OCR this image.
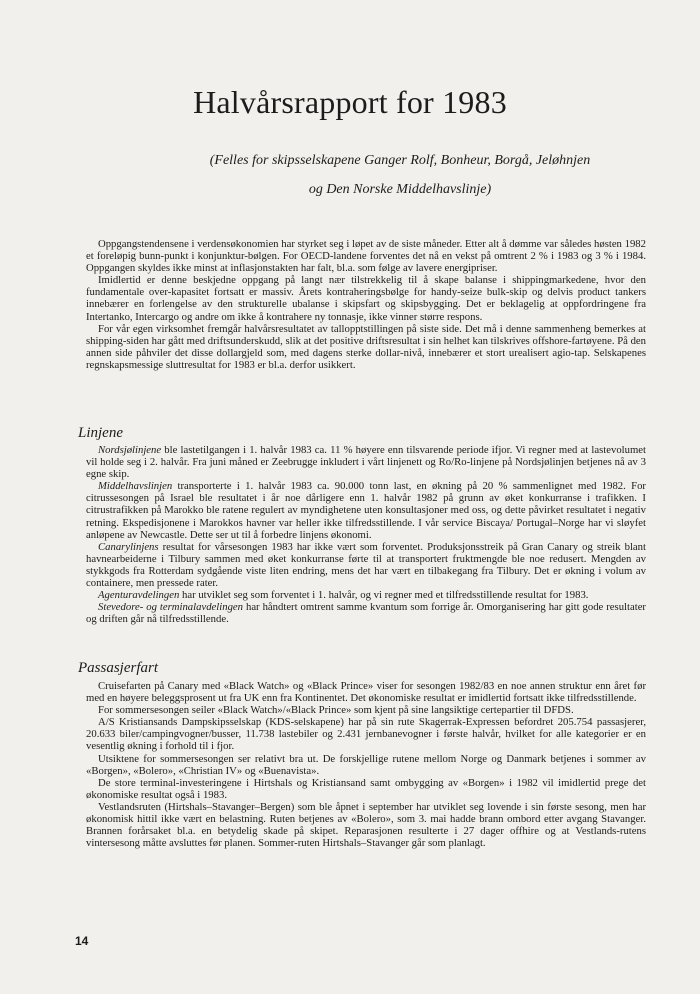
Halvårsrapport for 1983
(Felles for skipsselskapene Ganger Rolf, Bonheur, Borgå, Jeløhnjen
og Den Norske Middelhavslinje)

Oppgangstendensene i verdensøkonomien har styrket seg i løpet av de siste måneder. Etter alt å dømme var således høsten 1982 et foreløpig bunn-punkt i konjunktur-bølgen. For OECD-landene forventes det nå en vekst på omtrent 2 % i 1983 og 3 % i 1984. Oppgangen skyldes ikke minst at inflasjonstakten har falt, bl.a. som følge av lavere energipriser.

Imidlertid er denne beskjedne oppgang på langt nær tilstrekkelig til å skape balanse i shippingmarkedene, hvor den fundamentale over-kapasitet fortsatt er massiv. Årets kontraheringsbølge for handy-seize bulk-skip og delvis product tankers innebærer en forlengelse av den strukturelle ubalanse i skipsfart og skipsbygging. Det er beklagelig at oppfordringene fra Intertanko, Intercargo og andre om ikke å kontrahere ny tonnasje, ikke vinner større respons.

For vår egen virksomhet fremgår halvårsresultatet av tallopptstillingen på siste side. Det må i denne sammenheng bemerkes at shipping-siden har gått med driftsunderskudd, slik at det positive driftsresultat i sin helhet kan tilskrives offshore-fartøyene. På den annen side påhviler det disse dollargjeld som, med dagens sterke dollar-nivå, innebærer et stort urealisert agio-tap. Selskapenes regnskapsmessige sluttresultat for 1983 er bl.a. derfor usikkert.

Linjene

Nordsjølinjene ble lastetilgangen i 1. halvår 1983 ca. 11 % høyere enn tilsvarende periode ifjor. Vi regner med at lastevolumet vil holde seg i 2. halvår. Fra juni måned er Zeebrugge inkludert i vårt linjenett og Ro/Ro-linjene på Nordsjølinjen betjenes nå av 3 egne skip.

Middelhavslinjen transporterte i 1. halvår 1983 ca. 90.000 tonn last, en økning på 20 % sammenlignet med 1982. For citrussesongen på Israel ble resultatet i år noe dårligere enn 1. halvår 1982 på grunn av øket konkurranse i trafikken. I citrustrafikken på Marokko ble ratene regulert av myndighetene uten konsultasjoner med oss, og dette påvirket resultatet i negativ retning. Ekspedisjonene i Marokkos havner var heller ikke tilfredsstillende. I vår service Biscaya/ Portugal–Norge har vi sløyfet anløpene av Newcastle. Dette ser ut til å forbedre linjens økonomi.

Canarylinjens resultat for vårsesongen 1983 har ikke vært som forventet. Produksjonsstreik på Gran Canary og streik blant havnearbeiderne i Tilbury sammen med øket konkurranse førte til at transportert fruktmengde ble noe redusert. Mengden av stykkgods fra Rotterdam sydgående viste liten endring, mens det har vært en tilbakegang fra Tilbury. Det er økning i volum av containere, men pressede rater.

Agenturavdelingen har utviklet seg som forventet i 1. halvår, og vi regner med et tilfredsstillende resultat for 1983.

Stevedore- og terminalavdelingen har håndtert omtrent samme kvantum som forrige år. Omorganisering har gitt gode resultater og driften går nå tilfredsstillende.

Passasjerfart

Cruisefarten på Canary med «Black Watch» og «Black Prince» viser for sesongen 1982/83 en noe annen struktur enn året før med en høyere beleggsprosent ut fra UK enn fra Kontinentet. Det økonomiske resultat er imidlertid fortsatt ikke tilfredsstillende.

For sommersesongen seiler «Black Watch»/«Black Prince» som kjent på sine langsiktige certepartier til DFDS.

A/S Kristiansands Dampskipsselskap (KDS-selskapene) har på sin rute Skagerrak-Expressen befordret 205.754 passasjerer, 20.633 biler/campingvogner/busser, 11.738 lastebiler og 2.431 jernbanevogner i første halvår, hvilket for alle kategorier er en vesentlig økning i forhold til i fjor.

Utsiktene for sommersesongen ser relativt bra ut. De forskjellige rutene mellom Norge og Danmark betjenes i sommer av «Borgen», «Bolero», «Christian IV» og «Buenavista».

De store terminal-investeringene i Hirtshals og Kristiansand samt ombygging av «Borgen» i 1982 vil imidlertid prege det økonomiske resultat også i 1983.

Vestlandsruten (Hirtshals–Stavanger–Bergen) som ble åpnet i september har utviklet seg lovende i sin første sesong, men har økonomisk hittil ikke vært en belastning. Ruten betjenes av «Bolero», som 3. mai hadde brann ombord etter avgang Stavanger. Brannen forårsaket bl.a. en betydelig skade på skipet. Reparasjonen resulterte i 27 dager offhire og at Vestlands-rutens vintersesong måtte avsluttes før planen. Sommer-ruten Hirtshals–Stavanger går som planlagt.

14
